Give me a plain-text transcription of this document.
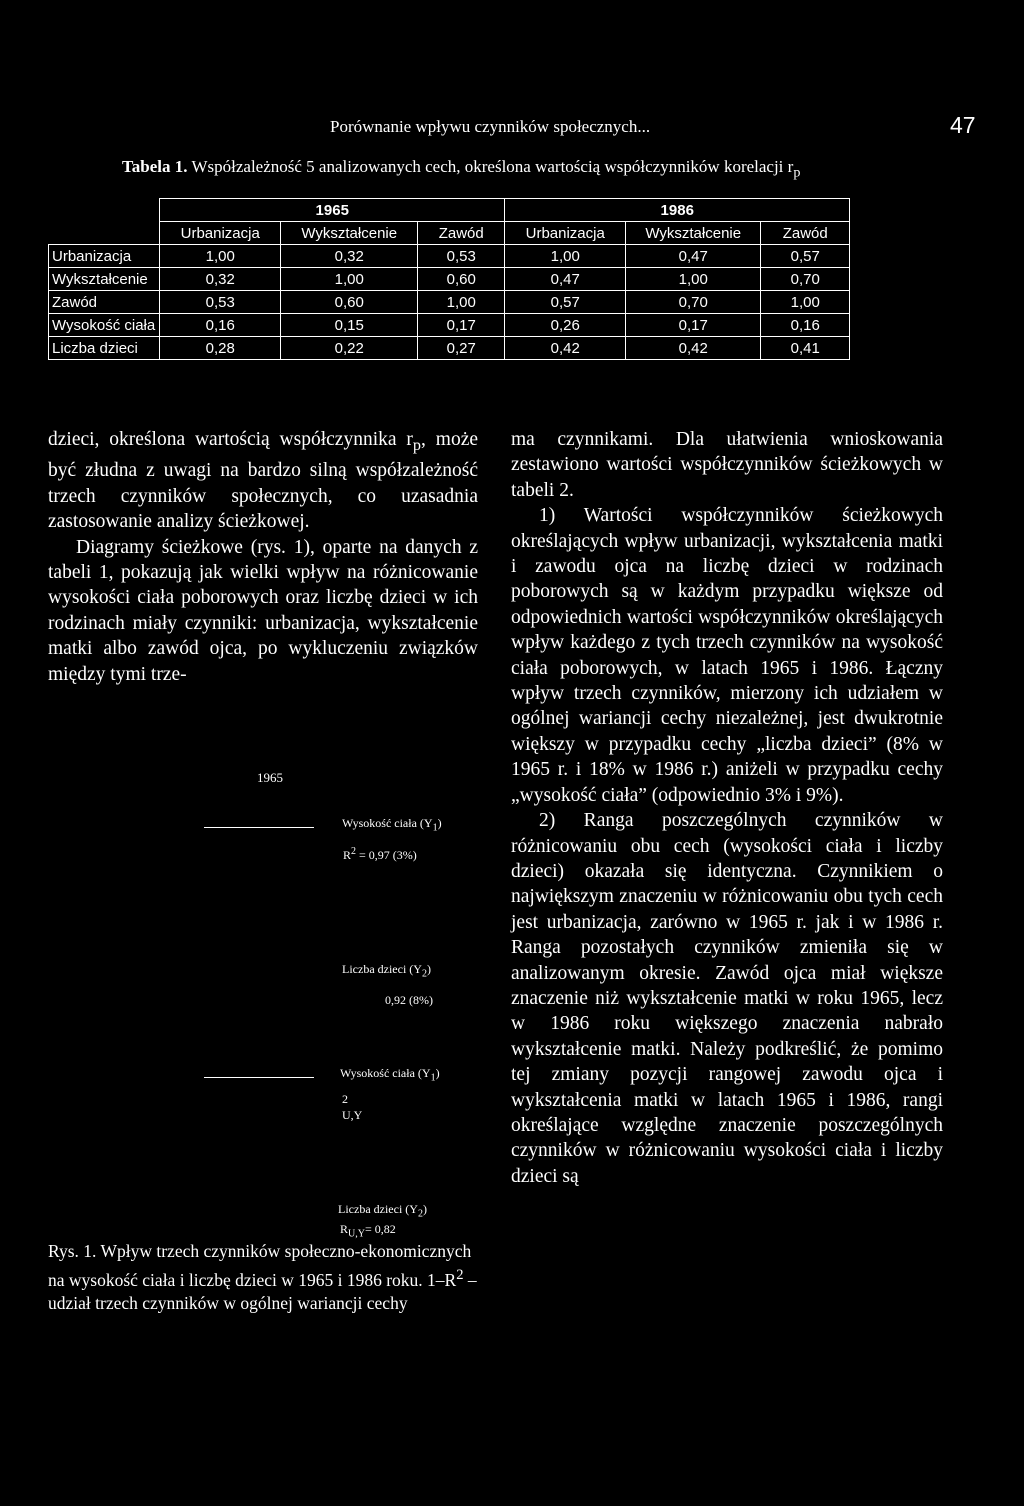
Porównanie wpływu czynników społecznych...	47
Tabela 1. Współzależność 5 analizowanych cech, określona wartością współczynników korelacji $r_p$
	1965			1986		
	Urbanizacja	Wykształcenie	Zawód	Urbanizacja	Wykształcenie	Zawód
Urbanizacja	1,00	0,32	0,53	1,00	0,47	0,57
Wykształcenie	0,32	1,00	0,60	0,47	1,00	0,70
Zawód	0,53	0,60	1,00	0,57	0,70	1,00
Wysokość ciała	0,16	0,15	0,17	0,26	0,17	0,16
Liczba dzieci	0,28	0,22	0,27	0,42	0,42	0,41

dzieci, określona wartością współczynnika $r_p$, może być złudna z uwagi na bardzo silną współzależność trzech czynników społecznych, co uzasadnia zastosowanie analizy ścieżkowej.

Diagramy ścieżkowe (rys. 1), oparte na danych z tabeli 1, pokazują jak wielki wpływ na różnicowanie wysokości ciała poborowych oraz liczbę dzieci w ich rodzinach miały czynniki: urbanizacja, wykształcenie matki albo zawód ojca, po wykluczeniu związków między tymi trze-

1965
Wysokość ciała $(Y_1)$
$R^2 = 0,97$ (3%)
Liczba dzieci $(Y_2)$
0,92 (8%)
Wysokość ciała $(Y_1)$
2
U,Y
Liczba dzieci $(Y_2)$
$R_{U,Y}= 0,82$
Rys. 1. Wpływ trzech czynników społeczno-ekonomicznych na wysokość ciała i liczbę dzieci w 1965 i 1986 roku. $1-R^2$ – udział trzech czynników w ogólnej wariancji cechy

ma czynnikami. Dla ułatwienia wnioskowania zestawiono wartości współczynników ścieżkowych w tabeli 2.

1) Wartości współczynników ścieżkowych określających wpływ urbanizacji, wykształcenia matki i zawodu ojca na liczbę dzieci w rodzinach poborowych są w każdym przypadku większe od odpowiednich wartości współczynników określających wpływ każdego z tych trzech czynników na wysokość ciała poborowych, w latach 1965 i 1986. Łączny wpływ trzech czynników, mierzony ich udziałem w ogólnej wariancji cechy niezależnej, jest dwukrotnie większy w przypadku cechy „liczba dzieci” (8% w 1965 r. i 18% w 1986 r.) aniżeli w przypadku cechy „wysokość ciała” (odpowiednio 3% i 9%).

2) Ranga poszczególnych czynników w różnicowaniu obu cech (wysokości ciała i liczby dzieci) okazała się identyczna. Czynnikiem o największym znaczeniu w różnicowaniu obu tych cech jest urbanizacja, zarówno w 1965 r. jak i w 1986 r. Ranga pozostałych czynników zmieniła się w analizowanym okresie. Zawód ojca miał większe znaczenie niż wykształcenie matki w roku 1965, lecz w 1986 roku większego znaczenia nabrało wykształcenie matki. Należy podkreślić, że pomimo tej zmiany pozycji rangowej zawodu ojca i wykształcenia matki w latach 1965 i 1986, rangi określające względne znaczenie poszczególnych czynników w różnicowaniu wysokości ciała i liczby dzieci są
